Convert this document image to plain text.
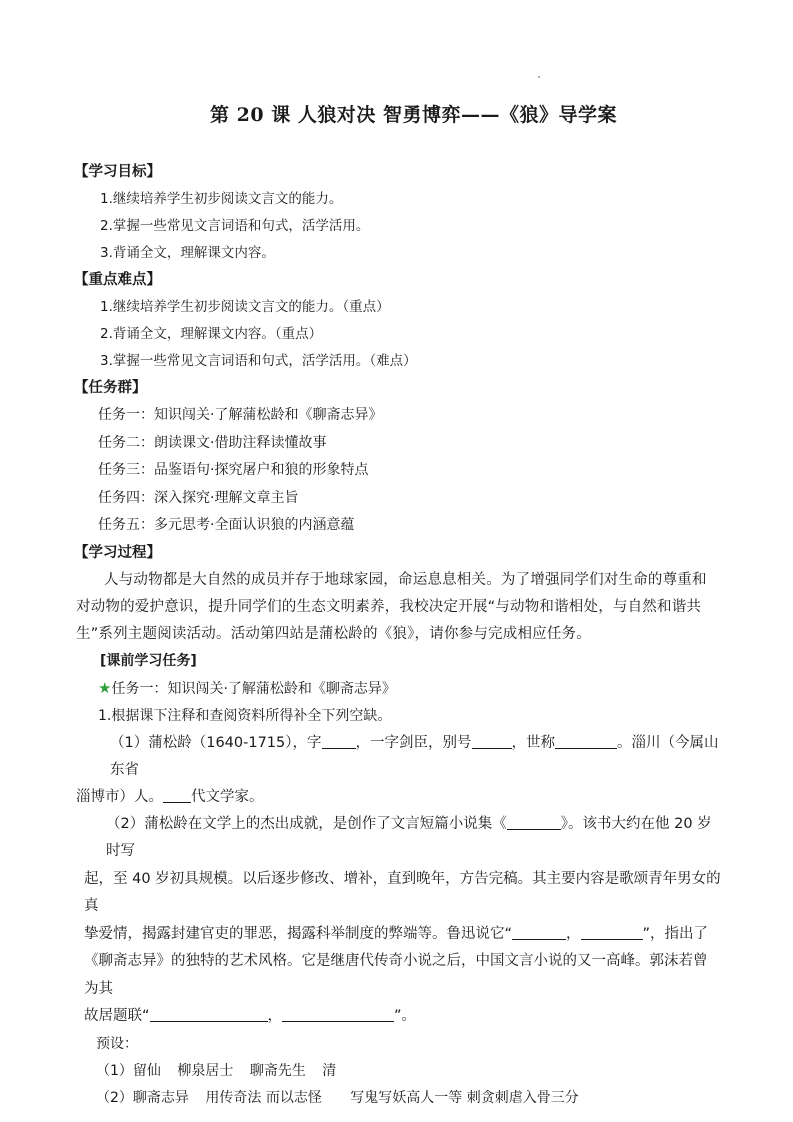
第 20 课 人狼对决 智勇博弈——《狼》导学案
【学习目标】
1.继续培养学生初步阅读文言文的能力。
2.掌握一些常见文言词语和句式，活学活用。
3.背诵全文，理解课文内容。
【重点难点】
1.继续培养学生初步阅读文言文的能力。（重点）
2.背诵全文，理解课文内容。（重点）
3.掌握一些常见文言词语和句式，活学活用。（难点）
【任务群】
任务一：知识闯关·了解蒲松龄和《聊斋志异》
任务二：朗读课文·借助注释读懂故事
任务三：品鉴语句·探究屠户和狼的形象特点
任务四：深入探究·理解文章主旨
任务五：多元思考·全面认识狼的内涵意蕴
【学习过程】
人与动物都是大自然的成员并存于地球家园，命运息息相关。为了增强同学们对生命的尊重和对动物的爱护意识，提升同学们的生态文明素养，我校决定开展“与动物和谐相处，与自然和谐共生”系列主题阅读活动。活动第四站是蒲松龄的《狼》，请你参与完成相应任务。
[课前学习任务]
★任务一：知识闯关·了解蒲松龄和《聊斋志异》
1.根据课下注释和查阅资料所得补全下列空缺。
（1）蒲松龄（1640-1715），字 ，一字剑臣，别号	，世称	。淄川（今属山东省
淄博市）人。 代文学家。
（2）蒲松龄在文学上的杰出成就，是创作了文言短篇小说集《	》。该书大约在他 20 岁时写
起，至 40 岁初具规模。以后逐步修改、增补，直到晚年，方告完稿。其主要内容是歌颂青年男女的真
挚爱情，揭露封建官吏的罪恶，揭露科举制度的弊端等。鲁迅说它“	，	”，指出了
《聊斋志异》的独特的艺术风格。它是继唐代传奇小说之后，中国文言小说的又一高峰。郭沫若曾为其
故居题联“	，	”。
预设：
（1）留仙 柳泉居士 聊斋先生 清
（2）聊斋志异 用传奇法 而以志怪 写鬼写妖高人一等 刺贪刺虐入骨三分
